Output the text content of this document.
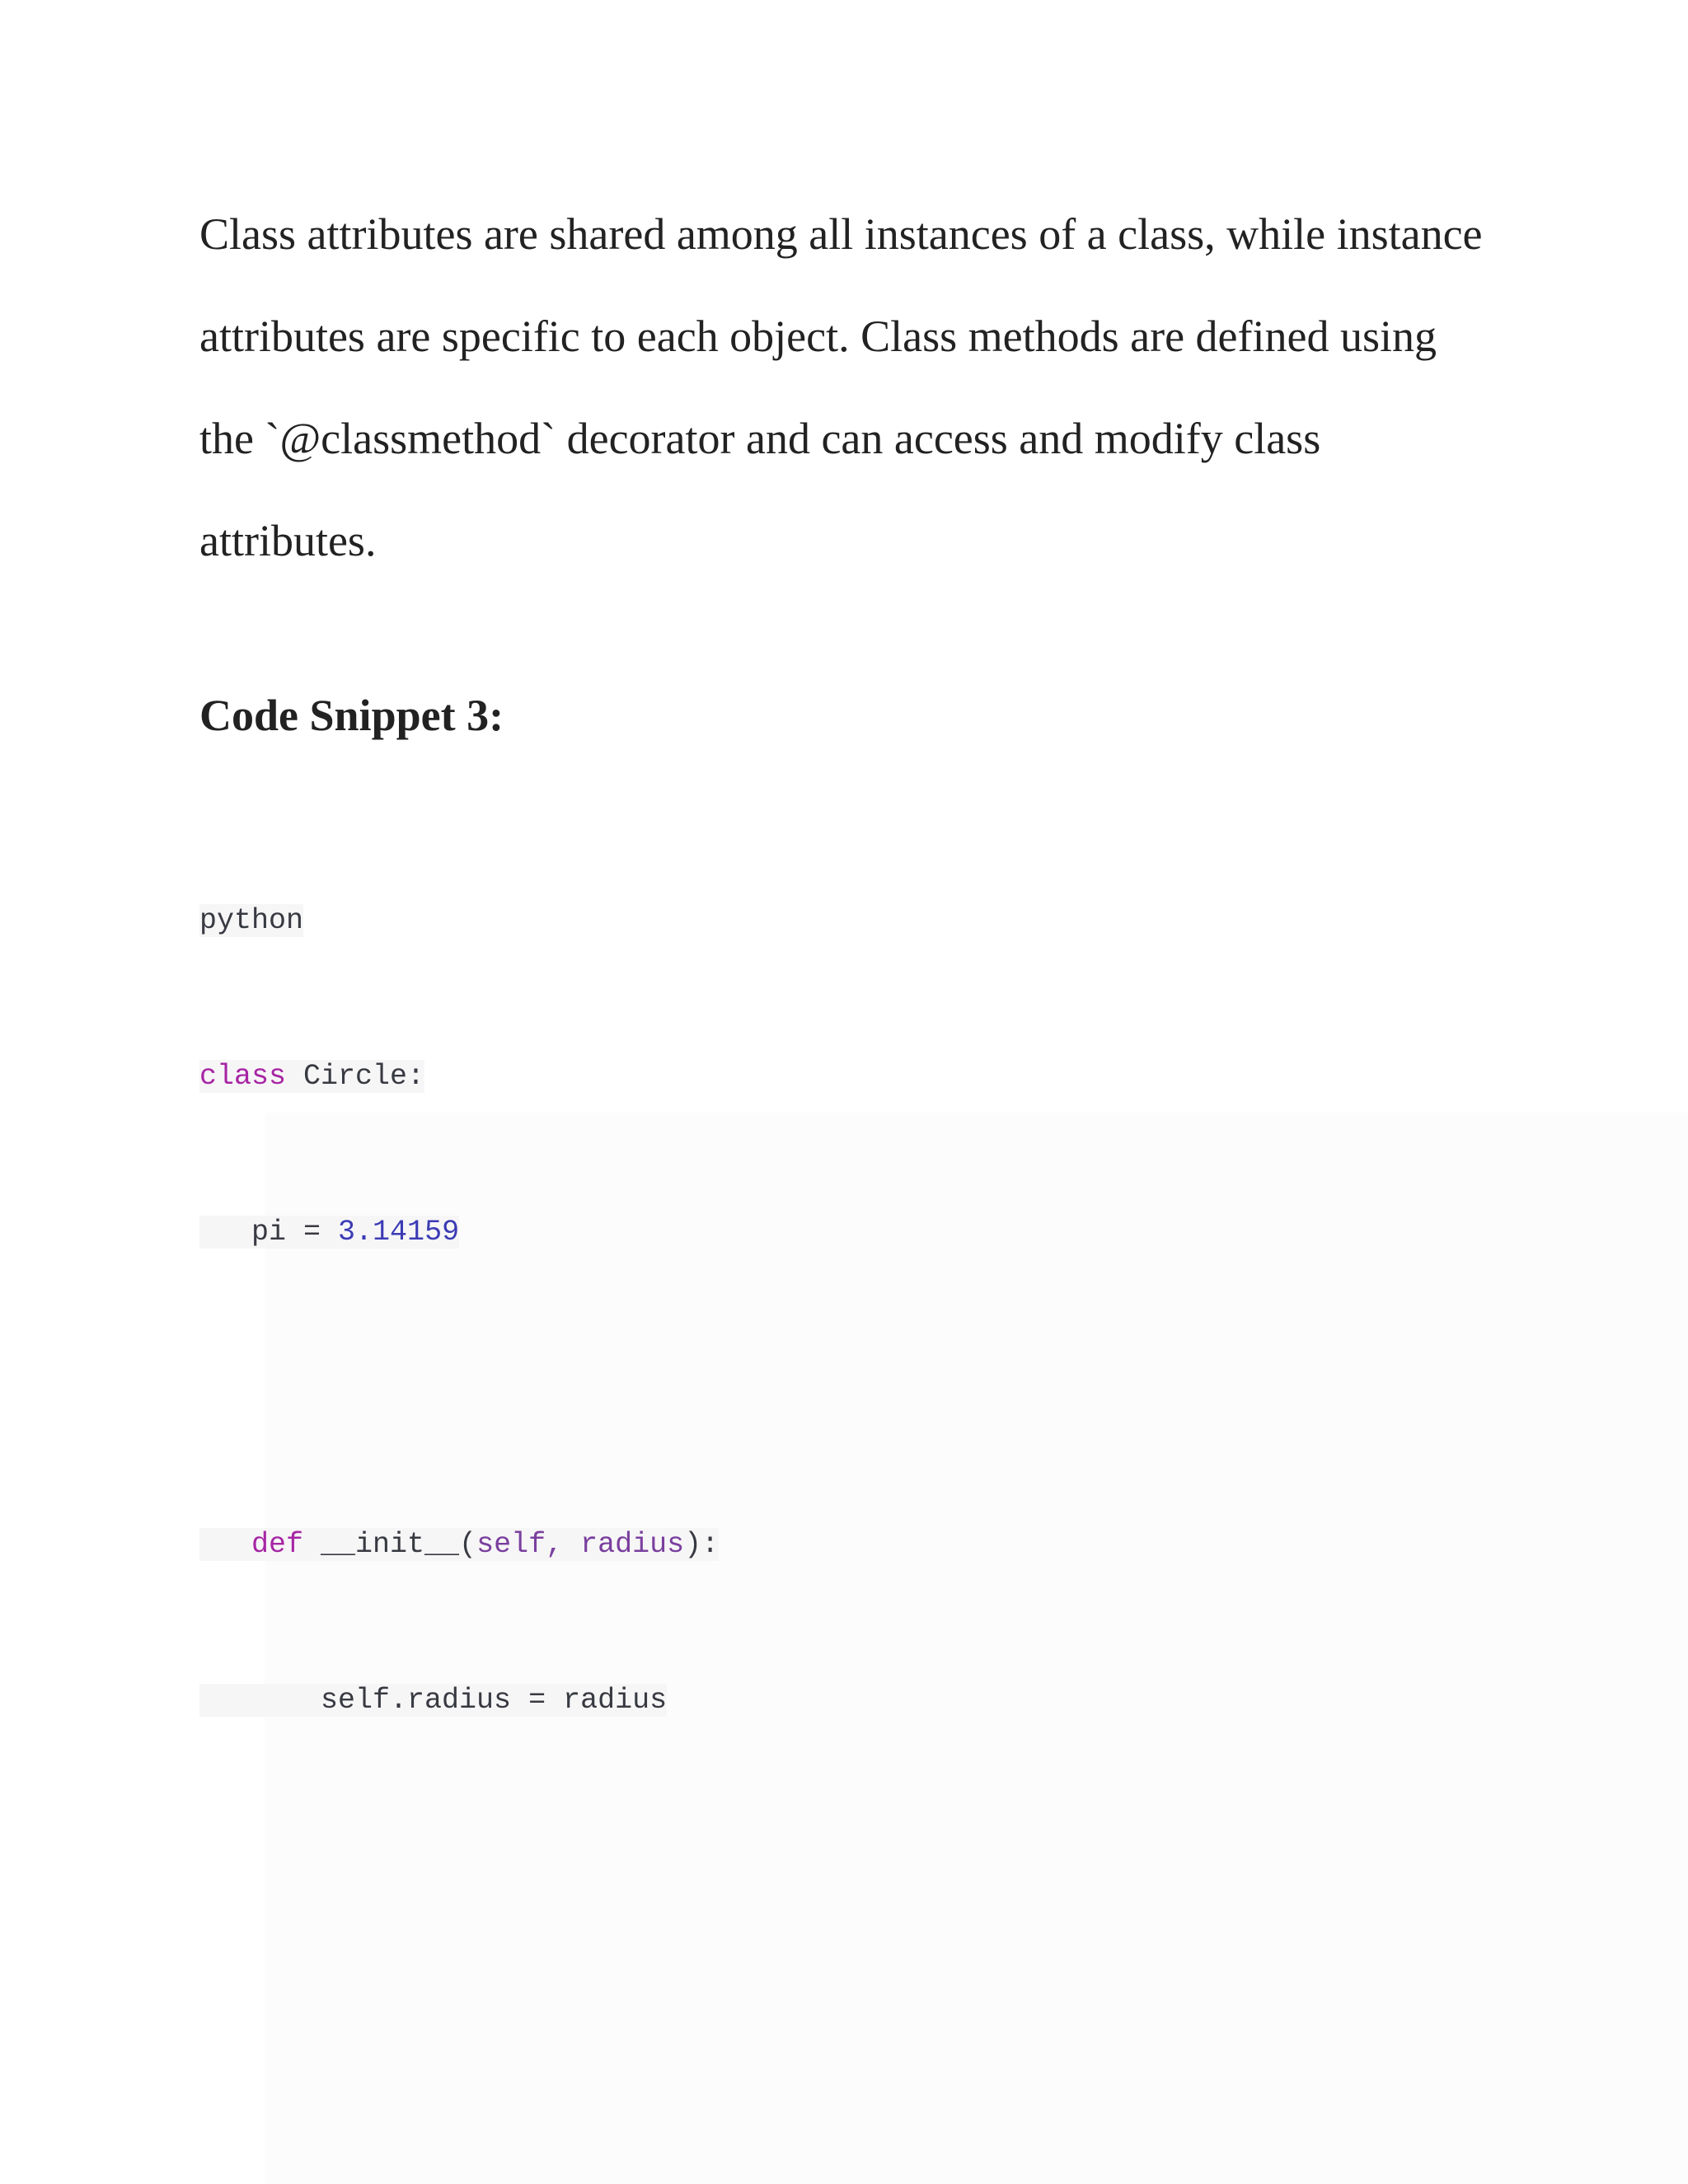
Class attributes are shared among all instances of a class, while instance attributes are specific to each object. Class methods are defined using the `@classmethod` decorator and can access and modify class attributes.

Code Snippet 3:
python
class Circle:
pi = 3.14159
def __init__(self, radius):
self.radius = radius
